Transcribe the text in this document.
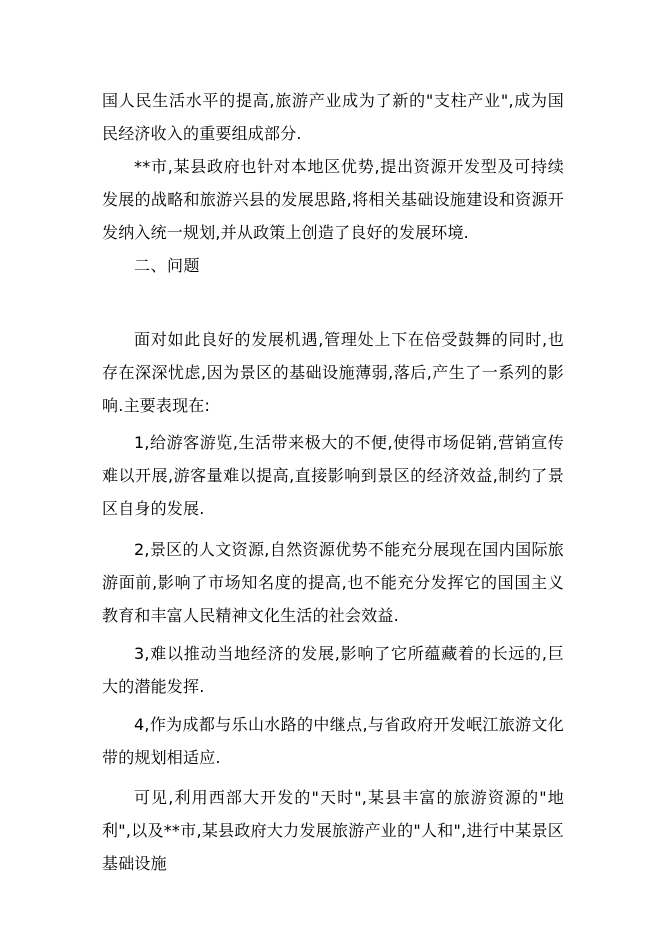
国人民生活水平的提高,旅游产业成为了新的"支柱产业",成为国民经济收入的重要组成部分.

**市,某县政府也针对本地区优势,提出资源开发型及可持续发展的战略和旅游兴县的发展思路,将相关基础设施建设和资源开发纳入统一规划,并从政策上创造了良好的发展环境.

二、问题

面对如此良好的发展机遇,管理处上下在倍受鼓舞的同时,也存在深深忧虑,因为景区的基础设施薄弱,落后,产生了一系列的影响.主要表现在:

1,给游客游览,生活带来极大的不便,使得市场促销,营销宣传难以开展,游客量难以提高,直接影响到景区的经济效益,制约了景区自身的发展.

2,景区的人文资源,自然资源优势不能充分展现在国内国际旅游面前,影响了市场知名度的提高,也不能充分发挥它的国国主义教育和丰富人民精神文化生活的社会效益.

3,难以推动当地经济的发展,影响了它所蕴藏着的长远的,巨大的潜能发挥.

4,作为成都与乐山水路的中继点,与省政府开发岷江旅游文化带的规划相适应.

可见,利用西部大开发的"天时",某县丰富的旅游资源的"地利",以及**市,某县政府大力发展旅游产业的"人和",进行中某景区基础设施
